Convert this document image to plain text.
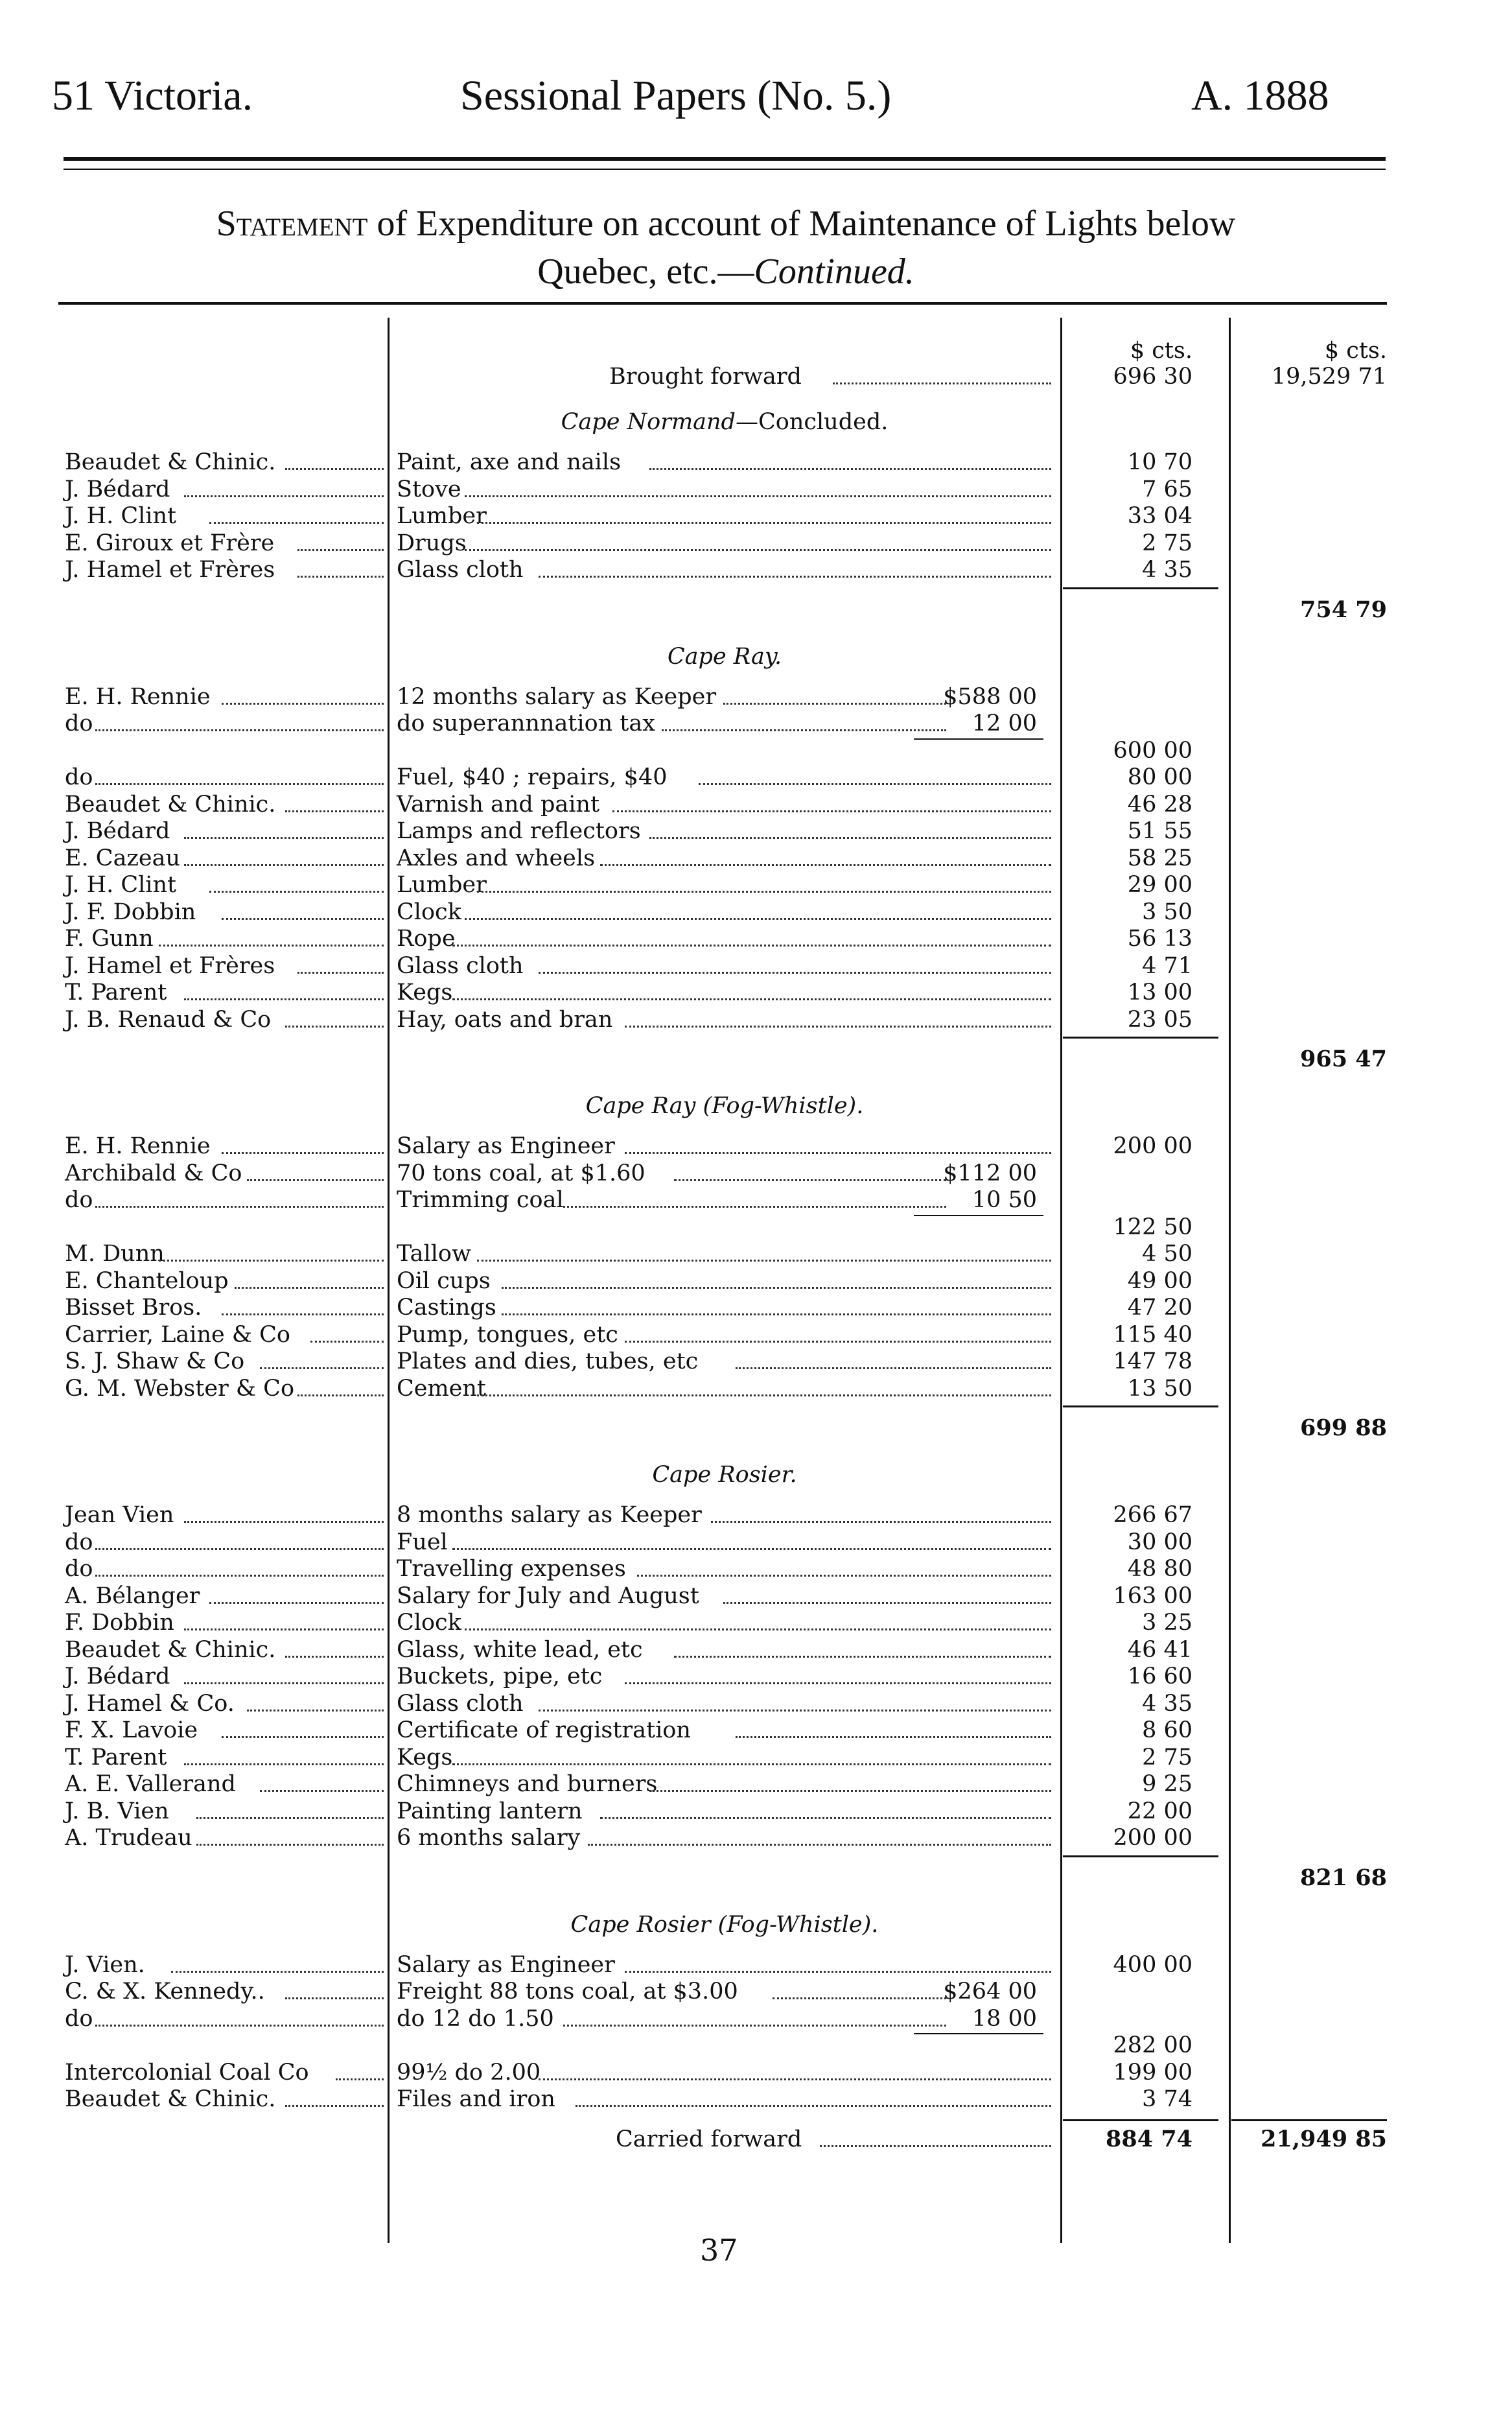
51 Victoria.	Sessional Papers (No. 5.)	A. 1888
Statement of Expenditure on account of Maintenance of Lights below
Quebec, etc.—Continued.
$ cts.	$ cts.
Brought forward	696 30	19,529 71
Cape Normand—Concluded.
Beaudet & Chinic.	Paint, axe and nails	10 70
J. Bédard	Stove	7 65
J. H. Clint	Lumber	33 04
E. Giroux et Frère	Drugs	2 75
J. Hamel et Frères	Glass cloth	4 35
754 79
Cape Ray.
E. H. Rennie	12 months salary as Keeper	$588 00
do	do superannnation tax	12 00
600 00
do	Fuel, $40 ; repairs, $40	80 00
Beaudet & Chinic.	Varnish and paint	46 28
J. Bédard	Lamps and reflectors	51 55
E. Cazeau	Axles and wheels	58 25
J. H. Clint	Lumber	29 00
J. F. Dobbin	Clock	3 50
F. Gunn	Rope	56 13
J. Hamel et Frères	Glass cloth	4 71
T. Parent	Kegs	13 00
J. B. Renaud & Co	Hay, oats and bran	23 05
965 47
Cape Ray (Fog-Whistle).
E. H. Rennie	Salary as Engineer	200 00
Archibald & Co	70 tons coal, at $1.60	$112 00
do	Trimming coal	10 50
122 50
M. Dunn	Tallow	4 50
E. Chanteloup	Oil cups	49 00
Bisset Bros.	Castings	47 20
Carrier, Laine & Co	Pump, tongues, etc	115 40
S. J. Shaw & Co	Plates and dies, tubes, etc	147 78
G. M. Webster & Co	Cement	13 50
699 88
Cape Rosier.
Jean Vien	8 months salary as Keeper	266 67
do	Fuel	30 00
do	Travelling expenses	48 80
A. Bélanger	Salary for July and August	163 00
F. Dobbin	Clock	3 25
Beaudet & Chinic.	Glass, white lead, etc	46 41
J. Bédard	Buckets, pipe, etc	16 60
J. Hamel & Co.	Glass cloth	4 35
F. X. Lavoie	Certificate of registration	8 60
T. Parent	Kegs	2 75
A. E. Vallerand	Chimneys and burners	9 25
J. B. Vien	Painting lantern	22 00
A. Trudeau	6 months salary	200 00
821 68
Cape Rosier (Fog-Whistle).
J. Vien.	Salary as Engineer	400 00
C. & X. Kennedy..	Freight 88 tons coal, at $3.00	$264 00
do	do 12 do 1.50	18 00
282 00
Intercolonial Coal Co	99½ do 2.00	199 00
Beaudet & Chinic.	Files and iron	3 74
Carried forward	884 74	21,949 85
37
